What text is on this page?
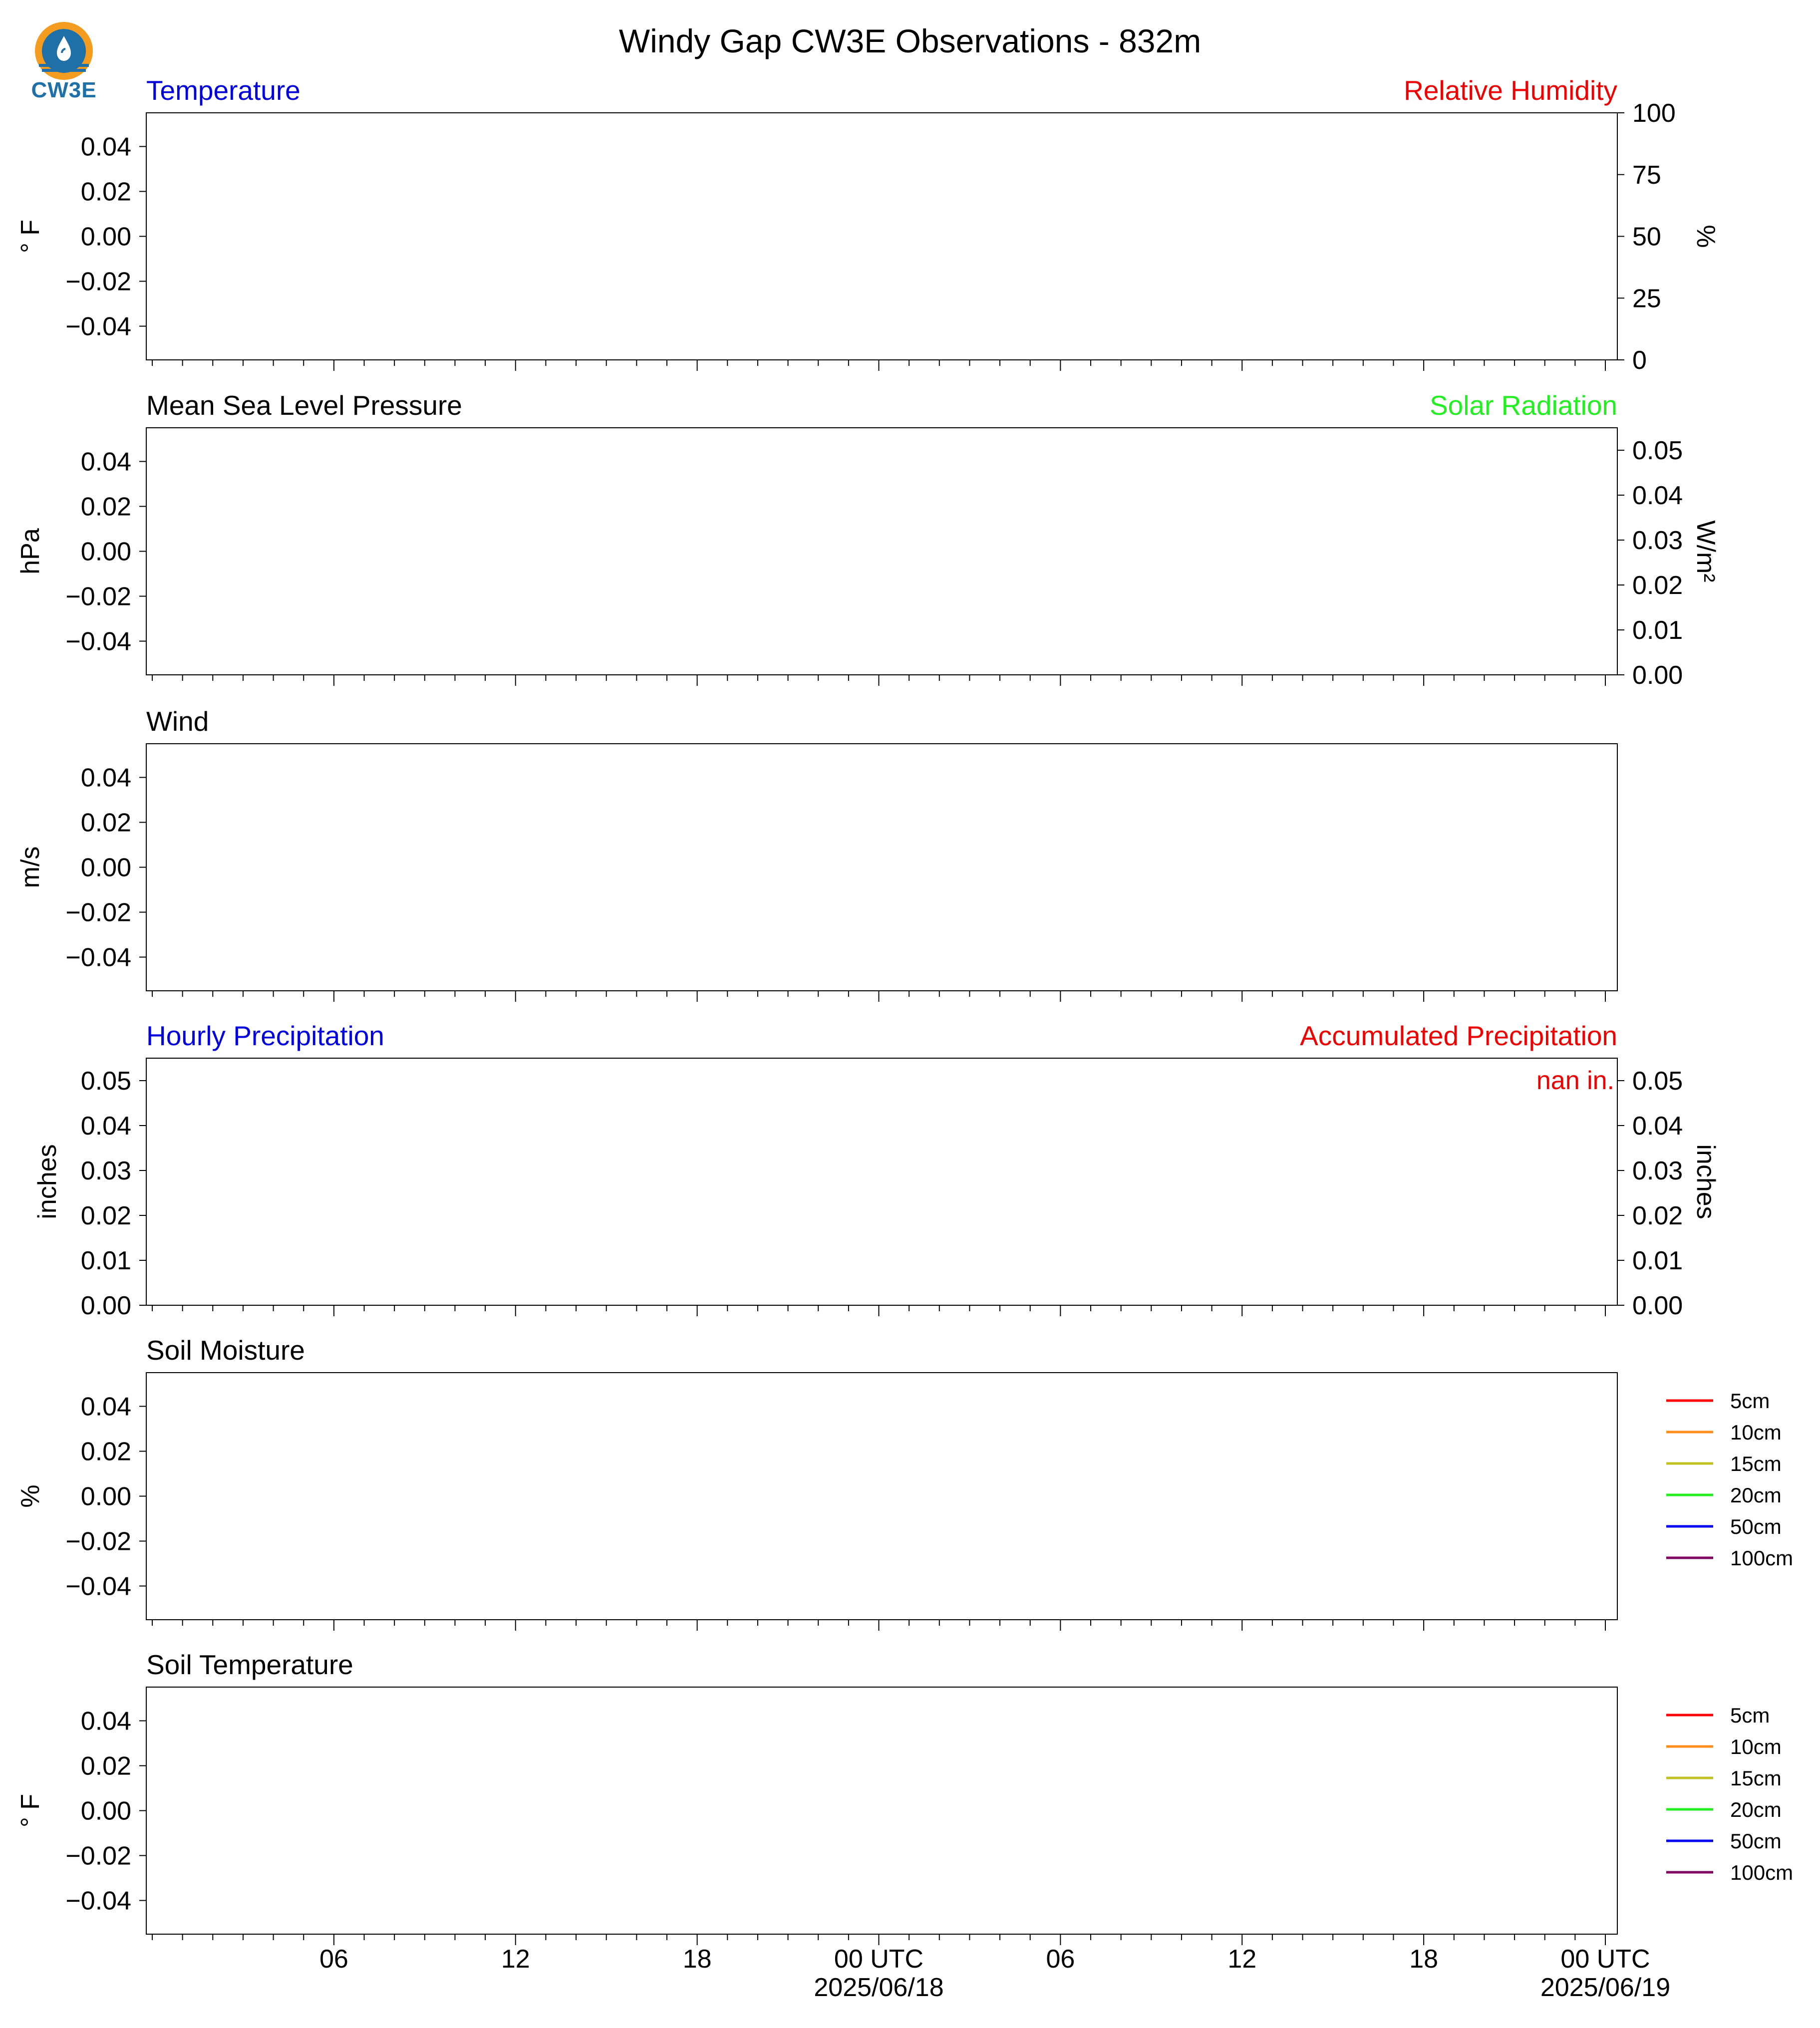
CW3E
Windy Gap CW3E Observations - 832m
Temperature	Relative Humidity
0.04
0.02
0.00
−0.02
−0.04
° F
100
75
50
25
0
%
Mean Sea Level Pressure	Solar Radiation
0.04
0.02
0.00
−0.02
−0.04
hPa
0.05
0.04
0.03
0.02
0.01
0.00
W/m²
Wind
0.04
0.02
0.00
−0.02
−0.04
m/s
Hourly Precipitation	Accumulated Precipitation
0.05
0.04
0.03
0.02
0.01
0.00
inches
0.05
0.04
0.03
0.02
0.01
0.00
inches
nan in.
Soil Moisture
0.04
0.02
0.00
−0.02
−0.04
%
5cm
10cm
15cm
20cm
50cm
100cm
Soil Temperature
0.04
0.02
0.00
−0.02
−0.04
° F
5cm
10cm
15cm
20cm
50cm
100cm
06	12	18	00 UTC	06	12	18	00 UTC
2025/06/18	2025/06/19
